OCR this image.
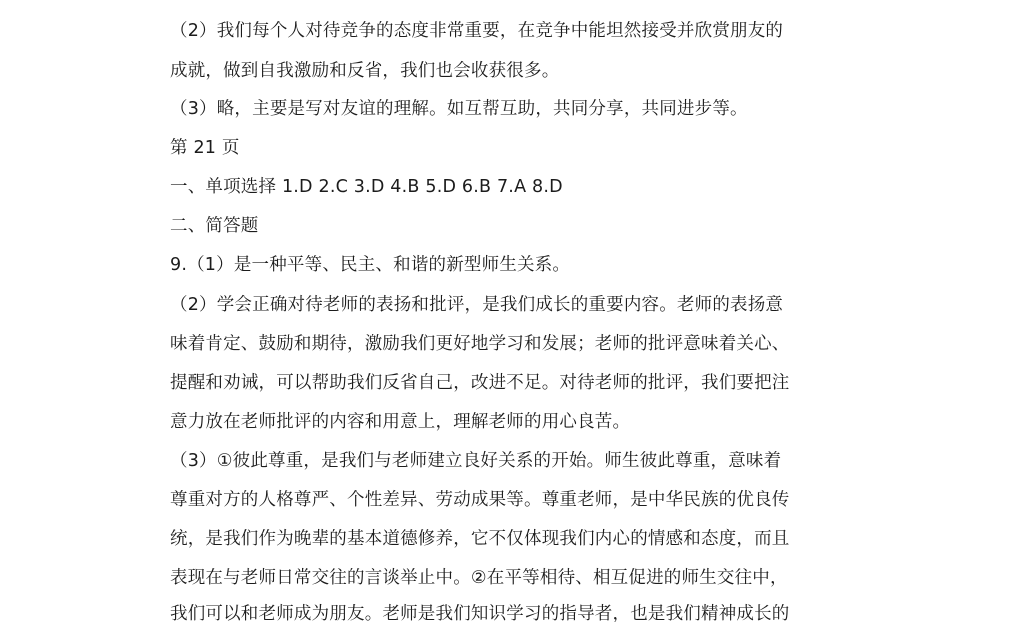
（2）我们每个人对待竞争的态度非常重要，在竞争中能坦然接受并欣赏朋友的
成就，做到自我激励和反省，我们也会收获很多。
（3）略，主要是写对友谊的理解。如互帮互助，共同分享，共同进步等。
第 21 页
一、单项选择 1.D 2.C 3.D 4.B 5.D 6.B 7.A 8.D
二、简答题
9.（1）是一种平等、民主、和谐的新型师生关系。
（2）学会正确对待老师的表扬和批评，是我们成长的重要内容。老师的表扬意
味着肯定、鼓励和期待，激励我们更好地学习和发展；老师的批评意味着关心、
提醒和劝诫，可以帮助我们反省自己，改进不足。对待老师的批评，我们要把注
意力放在老师批评的内容和用意上，理解老师的用心良苦。
（3）①彼此尊重，是我们与老师建立良好关系的开始。师生彼此尊重，意味着
尊重对方的人格尊严、个性差异、劳动成果等。尊重老师，是中华民族的优良传
统，是我们作为晚辈的基本道德修养，它不仅体现我们内心的情感和态度，而且
表现在与老师日常交往的言谈举止中。②在平等相待、相互促进的师生交往中，
我们可以和老师成为朋友。老师是我们知识学习的指导者，也是我们精神成长的
